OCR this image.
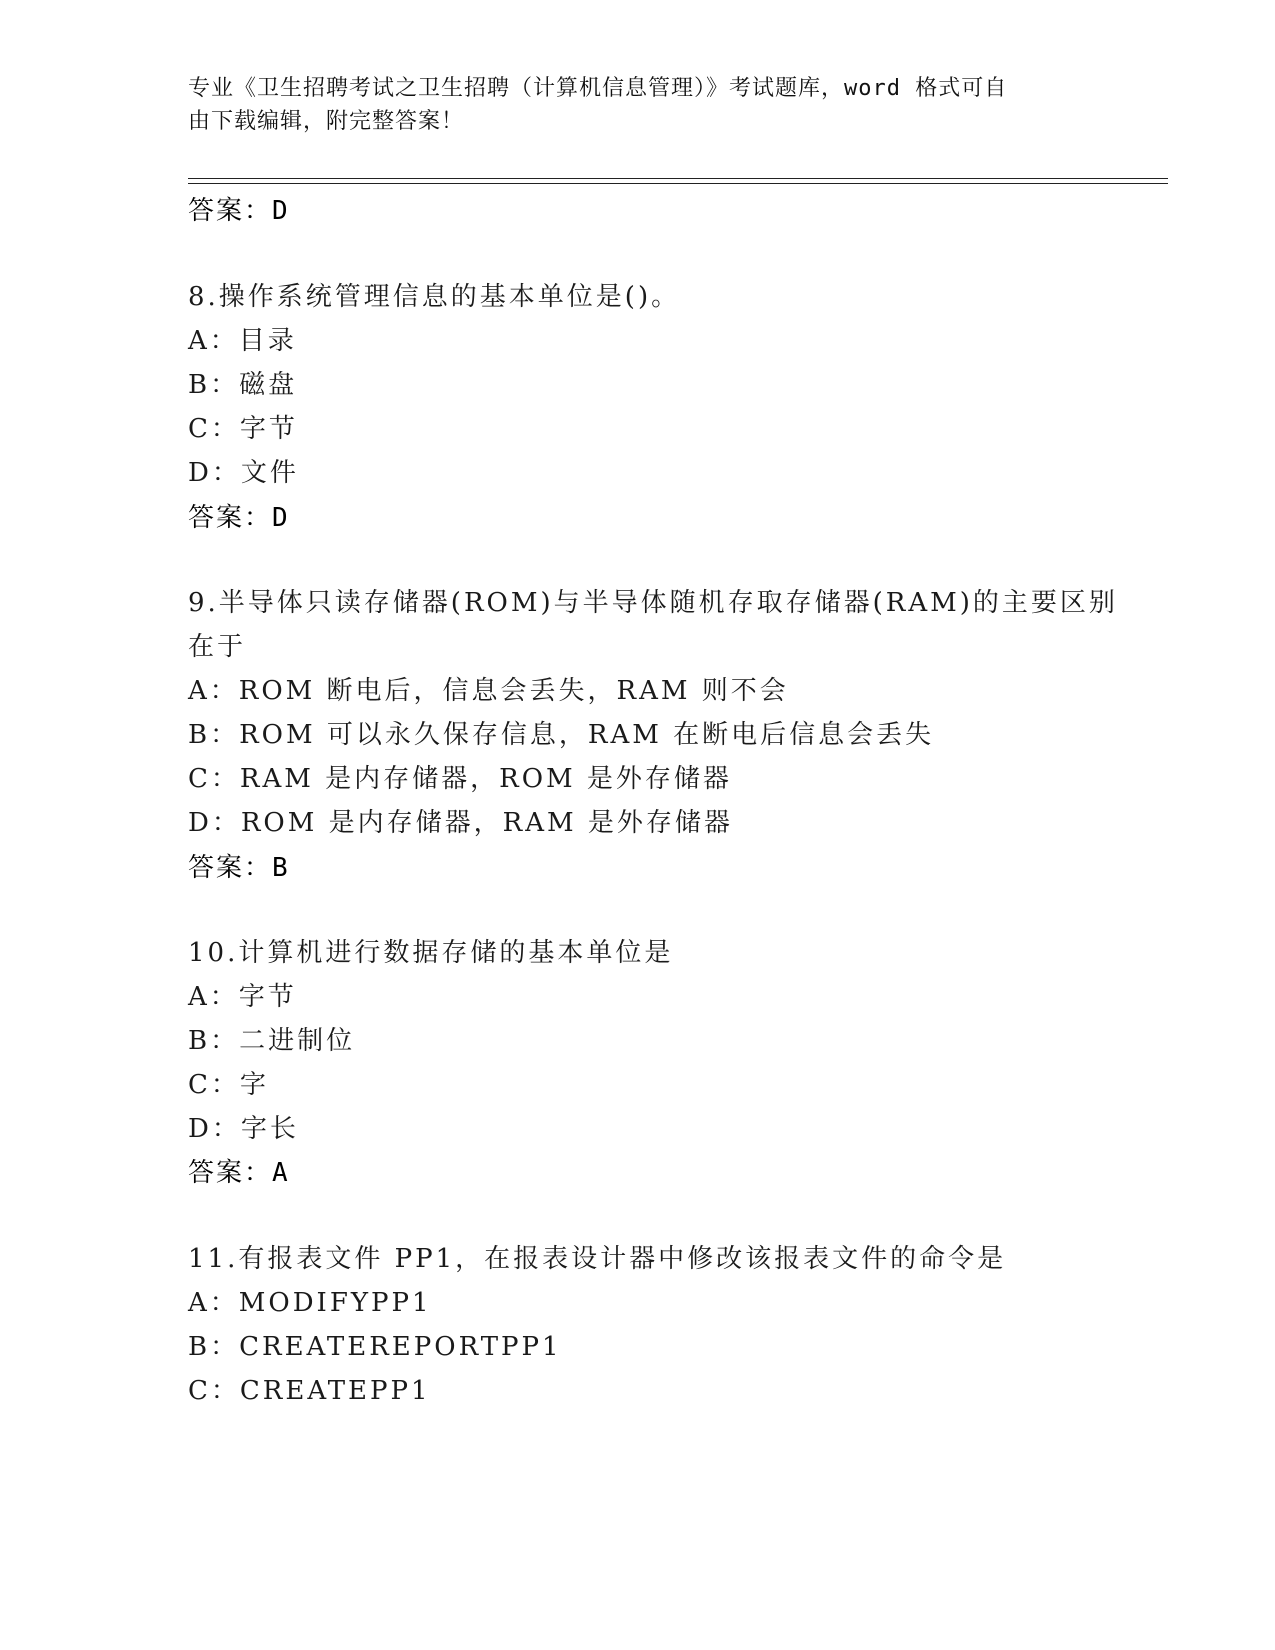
专业《卫生招聘考试之卫生招聘（计算机信息管理）》考试题库，word 格式可自
由下载编辑，附完整答案！
答案：D
8.操作系统管理信息的基本单位是()。
A：目录
B：磁盘
C：字节
D：文件
答案：D
9.半导体只读存储器(ROM)与半导体随机存取存储器(RAM)的主要区别
在于
A：ROM 断电后，信息会丢失，RAM 则不会
B：ROM 可以永久保存信息，RAM 在断电后信息会丢失
C：RAM 是内存储器，ROM 是外存储器
D：ROM 是内存储器，RAM 是外存储器
答案：B
10.计算机进行数据存储的基本单位是
A：字节
B：二进制位
C：字
D：字长
答案：A
11.有报表文件 PP1，在报表设计器中修改该报表文件的命令是
A：MODIFYPP1
B：CREATEREPORTPP1
C：CREATEPP1
